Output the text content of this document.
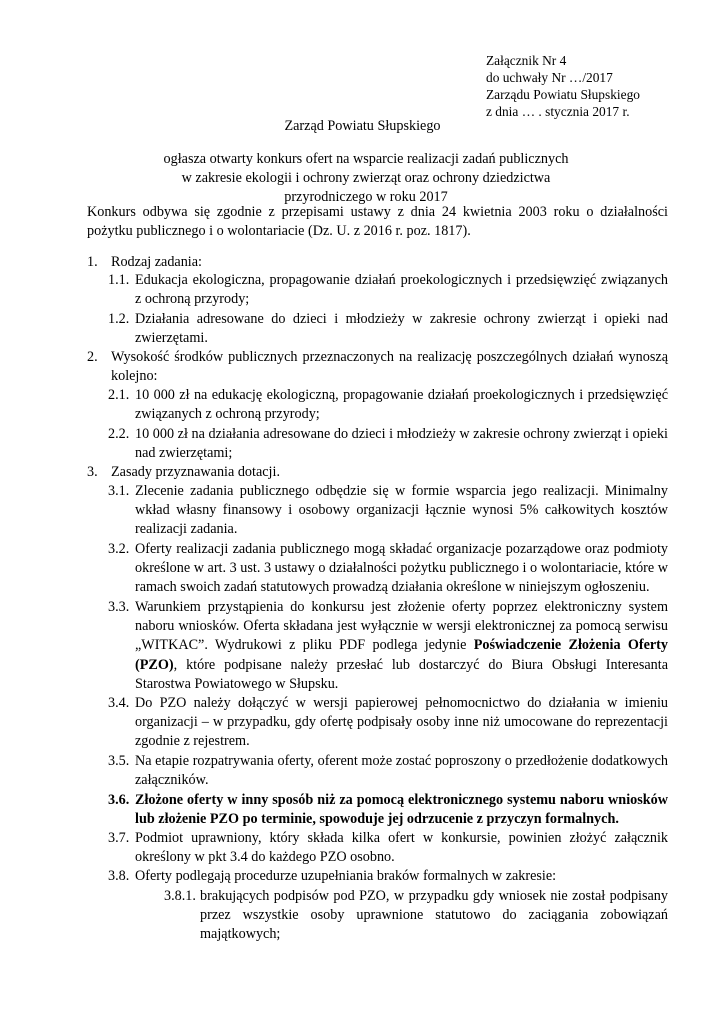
Załącznik Nr 4
do uchwały Nr …/2017
Zarządu Powiatu Słupskiego
z dnia … . stycznia 2017 r.
Zarząd Powiatu Słupskiego
ogłasza otwarty konkurs ofert na wsparcie realizacji zadań publicznych w zakresie ekologii i ochrony zwierząt oraz ochrony dziedzictwa przyrodniczego w roku 2017
Konkurs odbywa się zgodnie z przepisami ustawy z dnia 24 kwietnia 2003 roku o działalności pożytku publicznego i o wolontariacie (Dz. U. z 2016 r. poz. 1817).
1. Rodzaj zadania:
1.1. Edukacja ekologiczna, propagowanie działań proekologicznych i przedsięwzięć związanych z ochroną przyrody;
1.2. Działania adresowane do dzieci i młodzieży w zakresie ochrony zwierząt i opieki nad zwierzętami.
2. Wysokość środków publicznych przeznaczonych na realizację poszczególnych działań wynoszą kolejno:
2.1. 10 000 zł na edukację ekologiczną, propagowanie działań proekologicznych i przedsięwzięć związanych z ochroną przyrody;
2.2. 10 000 zł na działania adresowane do dzieci i młodzieży w zakresie ochrony zwierząt i opieki nad zwierzętami;
3. Zasady przyznawania dotacji.
3.1. Zlecenie zadania publicznego odbędzie się w formie wsparcia jego realizacji. Minimalny wkład własny finansowy i osobowy organizacji łącznie wynosi 5% całkowitych kosztów realizacji zadania.
3.2. Oferty realizacji zadania publicznego mogą składać organizacje pozarządowe oraz podmioty określone w art. 3 ust. 3 ustawy o działalności pożytku publicznego i o wolontariacie, które w ramach swoich zadań statutowych prowadzą działania określone w niniejszym ogłoszeniu.
3.3. Warunkiem przystąpienia do konkursu jest złożenie oferty poprzez elektroniczny system naboru wniosków. Oferta składana jest wyłącznie w wersji elektronicznej za pomocą serwisu „WITKAC”. Wydrukowi z pliku PDF podlega jedynie Poświadczenie Złożenia Oferty (PZO), które podpisane należy przesłać lub dostarczyć do Biura Obsługi Interesanta Starostwa Powiatowego w Słupsku.
3.4. Do PZO należy dołączyć w wersji papierowej pełnomocnictwo do działania w imieniu organizacji – w przypadku, gdy ofertę podpisały osoby inne niż umocowane do reprezentacji zgodnie z rejestrem.
3.5. Na etapie rozpatrywania oferty, oferent może zostać poproszony o przedłożenie dodatkowych załączników.
3.6. Złożone oferty w inny sposób niż za pomocą elektronicznego systemu naboru wniosków lub złożenie PZO po terminie, spowoduje jej odrzucenie z przyczyn formalnych.
3.7. Podmiot uprawniony, który składa kilka ofert w konkursie, powinien złożyć załącznik określony w pkt 3.4 do każdego PZO osobno.
3.8. Oferty podlegają procedurze uzupełniania braków formalnych w zakresie:
3.8.1. brakujących podpisów pod PZO, w przypadku gdy wniosek nie został podpisany przez wszystkie osoby uprawnione statutowo do zaciągania zobowiązań majątkowych;
